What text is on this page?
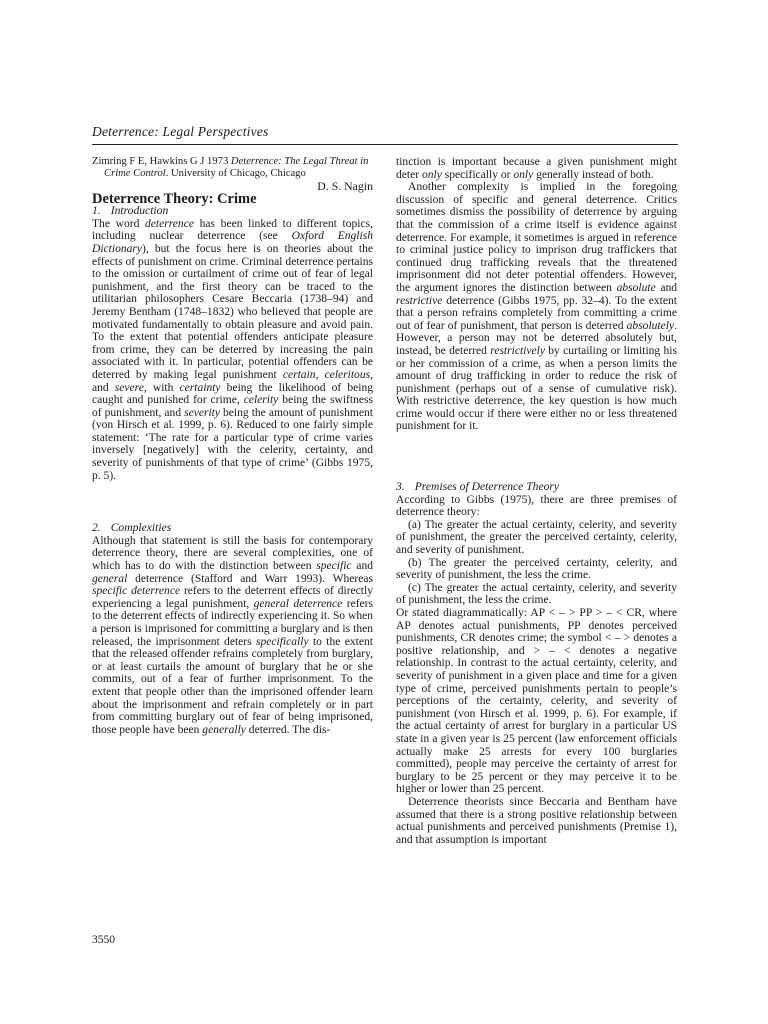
Deterrence: Legal Perspectives

Zimring F E, Hawkins G J 1973 Deterrence: The Legal Threat in Crime Control. University of Chicago, Chicago

D. S. Nagin

Deterrence Theory: Crime

1. Introduction

The word deterrence has been linked to different topics, including nuclear deterrence (see Oxford English Dictionary), but the focus here is on theories about the effects of punishment on crime. Criminal deterrence pertains to the omission or curtailment of crime out of fear of legal punishment, and the first theory can be traced to the utilitarian philosophers Cesare Beccaria (1738–94) and Jeremy Bentham (1748–1832) who believed that people are motivated fundamentally to obtain pleasure and avoid pain. To the extent that potential offenders anticipate pleasure from crime, they can be deterred by increasing the pain associated with it. In particular, potential offenders can be deterred by making legal punishment certain, celeritous, and severe, with certainty being the likelihood of being caught and punished for crime, celerity being the swiftness of punishment, and severity being the amount of punishment (von Hirsch et al. 1999, p. 6). Reduced to one fairly simple statement: ‘The rate for a particular type of crime varies inversely [negatively] with the celerity, certainty, and severity of punishments of that type of crime’ (Gibbs 1975, p. 5).

2. Complexities

Although that statement is still the basis for contemporary deterrence theory, there are several complexities, one of which has to do with the distinction between specific and general deterrence (Stafford and Warr 1993). Whereas specific deterrence refers to the deterrent effects of directly experiencing a legal punishment, general deterrence refers to the deterrent effects of indirectly experiencing it. So when a person is imprisoned for committing a burglary and is then released, the imprisonment deters specifically to the extent that the released offender refrains completely from burglary, or at least curtails the amount of burglary that he or she commits, out of a fear of further imprisonment. To the extent that people other than the imprisoned offender learn about the imprisonment and refrain completely or in part from committing burglary out of fear of being imprisoned, those people have been generally deterred. The dis-

tinction is important because a given punishment might deter only specifically or only generally instead of both.

Another complexity is implied in the foregoing discussion of specific and general deterrence. Critics sometimes dismiss the possibility of deterrence by arguing that the commission of a crime itself is evidence against deterrence. For example, it sometimes is argued in reference to criminal justice policy to imprison drug traffickers that continued drug trafficking reveals that the threatened imprisonment did not deter potential offenders. However, the argument ignores the distinction between absolute and restrictive deterrence (Gibbs 1975, pp. 32–4). To the extent that a person refrains completely from committing a crime out of fear of punishment, that person is deterred absolutely. However, a person may not be deterred absolutely but, instead, be deterred restrictively by curtailing or limiting his or her commission of a crime, as when a person limits the amount of drug trafficking in order to reduce the risk of punishment (perhaps out of a sense of cumulative risk). With restrictive deterrence, the key question is how much crime would occur if there were either no or less threatened punishment for it.

3. Premises of Deterrence Theory

According to Gibbs (1975), there are three premises of deterrence theory:

(a) The greater the actual certainty, celerity, and severity of punishment, the greater the perceived certainty, celerity, and severity of punishment.

(b) The greater the perceived certainty, celerity, and severity of punishment, the less the crime.

(c) The greater the actual certainty, celerity, and severity of punishment, the less the crime.

Or stated diagrammatically: AP < – > PP > – < CR, where AP denotes actual punishments, PP denotes perceived punishments, CR denotes crime; the symbol < – > denotes a positive relationship, and > – < denotes a negative relationship. In contrast to the actual certainty, celerity, and severity of punishment in a given place and time for a given type of crime, perceived punishments pertain to people’s perceptions of the certainty, celerity, and severity of punishment (von Hirsch et al. 1999, p. 6). For example, if the actual certainty of arrest for burglary in a particular US state in a given year is 25 percent (law enforcement officials actually make 25 arrests for every 100 burglaries committed), people may perceive the certainty of arrest for burglary to be 25 percent or they may perceive it to be higher or lower than 25 percent.

Deterrence theorists since Beccaria and Bentham have assumed that there is a strong positive relationship between actual punishments and perceived punishments (Premise 1), and that assumption is important

3550
